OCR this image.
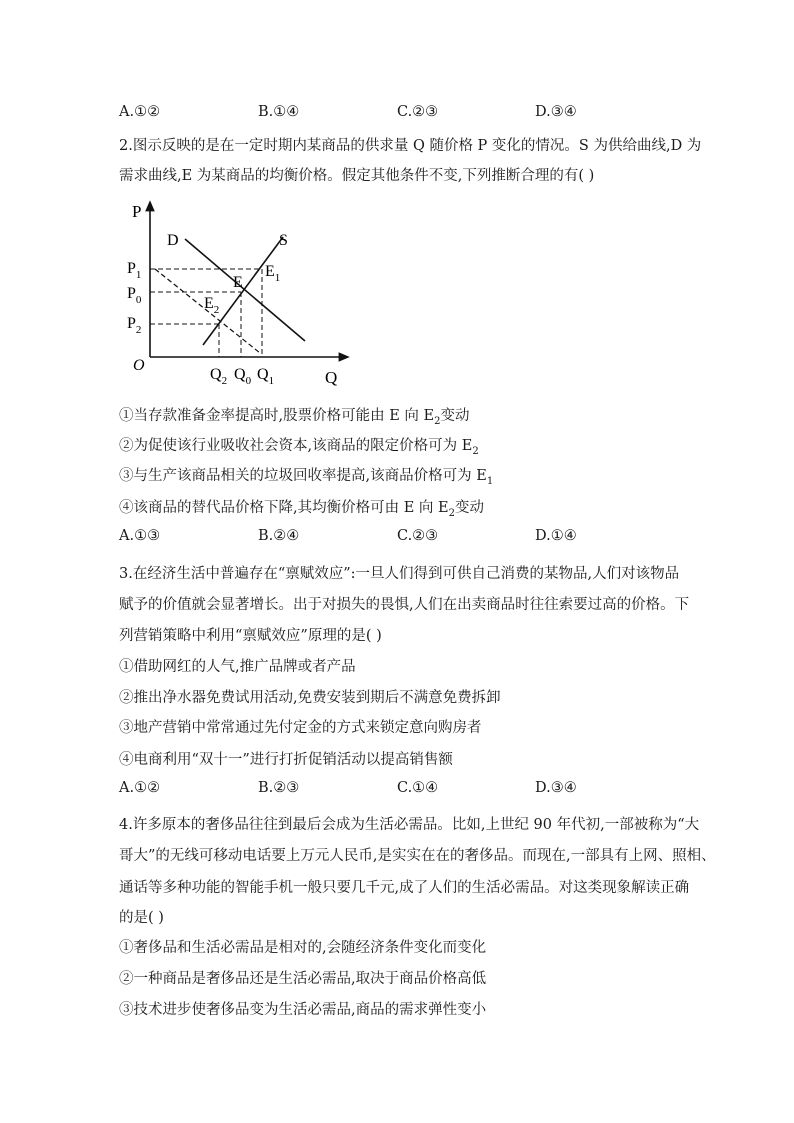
A.①②	B.①④	C.②③	D.③④
2.图示反映的是在一定时期内某商品的供求量 Q 随价格 P 变化的情况。S 为供给曲线,D 为
需求曲线,E 为某商品的均衡价格。假定其他条件不变,下列推断合理的有( )
P
Q
O
D	S
E
$E_1$
$E_2$
$P_1$
$P_0$
$P_2$
$Q_2$ $Q_0$ $Q_1$
①当存款准备金率提高时,股票价格可能由 E 向 $E_2$变动
②为促使该行业吸收社会资本,该商品的限定价格可为 $E_2$
③与生产该商品相关的垃圾回收率提高,该商品价格可为 $E_1$
④该商品的替代品价格下降,其均衡价格可由 E 向 $E_2$变动
A.①③	B.②④	C.②③	D.①④
3.在经济生活中普遍存在“禀赋效应”:一旦人们得到可供自己消费的某物品,人们对该物品
赋予的价值就会显著增长。出于对损失的畏惧,人们在出卖商品时往往索要过高的价格。下
列营销策略中利用“禀赋效应”原理的是( )
①借助网红的人气,推广品牌或者产品
②推出净水器免费试用活动,免费安装到期后不满意免费拆卸
③地产营销中常常通过先付定金的方式来锁定意向购房者
④电商利用“双十一”进行打折促销活动以提高销售额
A.①②	B.②③	C.①④	D.③④
4.许多原本的奢侈品往往到最后会成为生活必需品。比如,上世纪 90 年代初,一部被称为“大
哥大”的无线可移动电话要上万元人民币,是实实在在的奢侈品。而现在,一部具有上网、照相、
通话等多种功能的智能手机一般只要几千元,成了人们的生活必需品。对这类现象解读正确
的是( )
①奢侈品和生活必需品是相对的,会随经济条件变化而变化
②一种商品是奢侈品还是生活必需品,取决于商品价格高低
③技术进步使奢侈品变为生活必需品,商品的需求弹性变小
